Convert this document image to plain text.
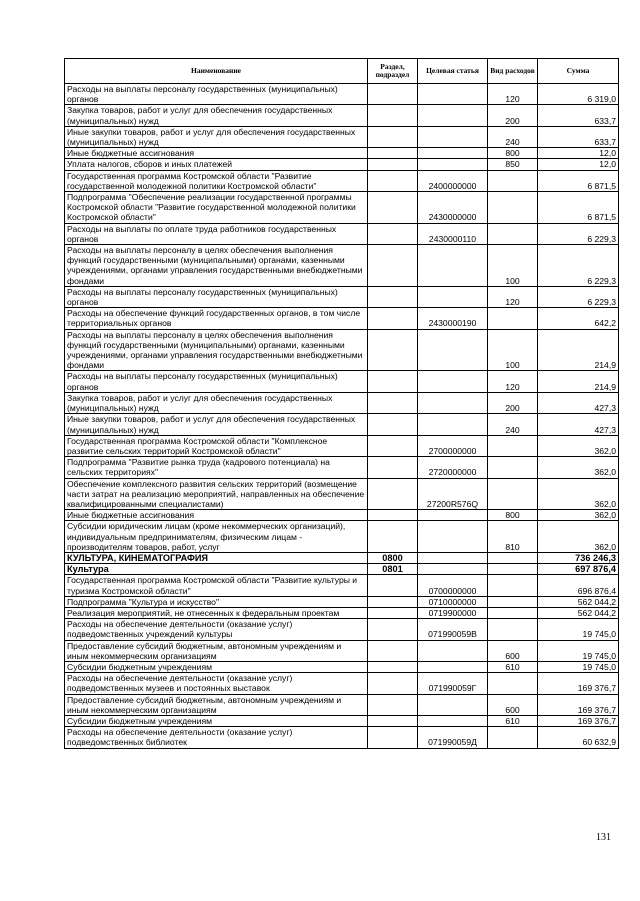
Наименование	Раздел, подраздел	Целевая статья	Вид расходов	Сумма
Расходы на выплаты персоналу государственных (муниципальных) органов			120	6 319,0
Закупка товаров, работ и услуг для обеспечения государственных (муниципальных) нужд			200	633,7
Иные закупки товаров, работ и услуг для обеспечения государственных (муниципальных) нужд			240	633,7
Иные бюджетные ассигнования			800	12,0
Уплата налогов, сборов и иных платежей			850	12,0
Государственная программа Костромской области "Развитие государственной молодежной политики Костромской области"		2400000000		6 871,5
Подпрограмма "Обеспечение реализации государственной программы Костромской области "Развитие государственной молодежной политики Костромской области"		2430000000		6 871,5
Расходы на выплаты по оплате труда работников государственных органов		2430000110		6 229,3
Расходы на выплаты персоналу в целях обеспечения выполнения функций государственными (муниципальными) органами, казенными учреждениями, органами управления государственными внебюджетными фондами			100	6 229,3
Расходы на выплаты персоналу государственных (муниципальных) органов			120	6 229,3
Расходы на обеспечение функций государственных органов, в том числе территориальных органов		2430000190		642,2
Расходы на выплаты персоналу в целях обеспечения выполнения функций государственными (муниципальными) органами, казенными учреждениями, органами управления государственными внебюджетными фондами			100	214,9
Расходы на выплаты персоналу государственных (муниципальных) органов			120	214,9
Закупка товаров, работ и услуг для обеспечения государственных (муниципальных) нужд			200	427,3
Иные закупки товаров, работ и услуг для обеспечения государственных (муниципальных) нужд			240	427,3
Государственная программа Костромской области "Комплексное развитие сельских территорий Костромской области"		2700000000		362,0
Подпрограмма "Развитие рынка труда (кадрового потенциала) на сельских территориях"		2720000000		362,0
Обеспечение комплексного развития сельских территорий (возмещение части затрат на реализацию мероприятий, направленных на обеспечение квалифицированными специалистами)		27200R576Q		362,0
Иные бюджетные ассигнования			800	362,0
Субсидии юридическим лицам (кроме некоммерческих организаций), индивидуальным предпринимателям, физическим лицам - производителям товаров, работ, услуг			810	362,0
КУЛЬТУРА, КИНЕМАТОГРАФИЯ	0800			736 246,3
Культура	0801			697 876,4
Государственная программа Костромской области "Развитие культуры и туризма Костромской области"		0700000000		696 876,4
Подпрограмма "Культура и искусство"		0710000000		562 044,2
Реализация мероприятий, не отнесенных к федеральным проектам		0719900000		562 044,2
Расходы на обеспечение деятельности (оказание услуг) подведомственных учреждений культуры		071990059В		19 745,0
Предоставление субсидий бюджетным, автономным учреждениям и иным некоммерческим организациям			600	19 745,0
Субсидии бюджетным учреждениям			610	19 745,0
Расходы на обеспечение деятельности (оказание услуг) подведомственных музеев и постоянных выставок		071990059Г		169 376,7
Предоставление субсидий бюджетным, автономным учреждениям и иным некоммерческим организациям			600	169 376,7
Субсидии бюджетным учреждениям			610	169 376,7
Расходы на обеспечение деятельности (оказание услуг) подведомственных библиотек		071990059Д		60 632,9
131
